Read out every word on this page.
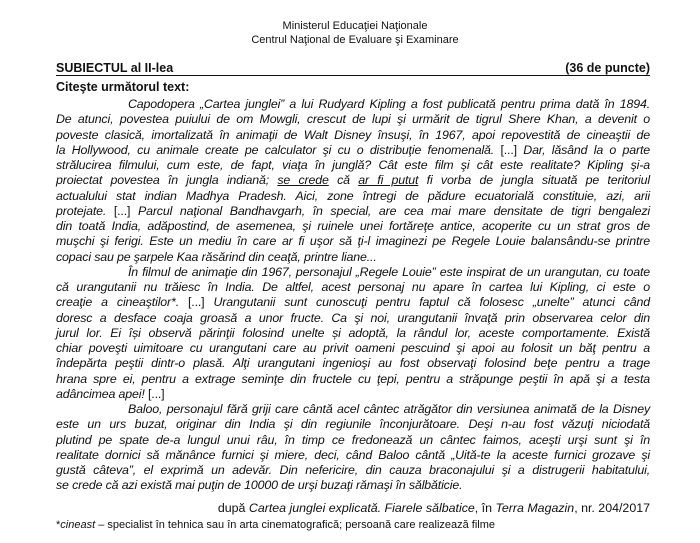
Ministerul Educaţiei Naţionale
Centrul Naţional de Evaluare şi Examinare
SUBIECTUL al II-lea	(36 de puncte)
Citeşte următorul text:
Capodopera „Cartea junglei” a lui Rudyard Kipling a fost publicată pentru prima dată în 1894.
De atunci, povestea puiului de om Mowgli, crescut de lupi şi urmărit de tigrul Shere Khan, a devenit o
poveste clasică, imortalizată în animaţii de Walt Disney însuşi, în 1967, apoi repovestită de cineaştii de
la Hollywood, cu animale create pe calculator şi cu o distribuţie fenomenală. [...] Dar, lăsând la o parte
strălucirea filmului, cum este, de fapt, viaţa în junglă? Cât este film şi cât este realitate? Kipling şi-a
proiectat povestea în jungla indiană; se crede că ar fi putut fi vorba de jungla situată pe teritoriul
actualului stat indian Madhya Pradesh. Aici, zone întregi de pădure ecuatorială constituie, azi, arii
protejate. [...] Parcul naţional Bandhavgarh, în special, are cea mai mare densitate de tigri bengalezi
din toată India, adăpostind, de asemenea, şi ruinele unei fortăreţe antice, acoperite cu un strat gros de
muşchi şi ferigi. Este un mediu în care ar fi uşor să ţi-l imaginezi pe Regele Louie balansându-se printre
copaci sau pe şarpele Kaa răsărind din ceaţă, printre liane...
În filmul de animaţie din 1967, personajul „Regele Louie” este inspirat de un urangutan, cu toate
că urangutanii nu trăiesc în India. De altfel, acest personaj nu apare în cartea lui Kipling, ci este o
creaţie a cineaştilor*. [...] Urangutanii sunt cunoscuţi pentru faptul că folosesc „unelte” atunci când
doresc a desface coaja groasă a unor fructe. Ca şi noi, urangutanii învaţă prin observarea celor din
jurul lor. Ei își observă părinţii folosind unelte și adoptă, la rândul lor, aceste comportamente. Există
chiar poveşti uimitoare cu urangutani care au privit oameni pescuind şi apoi au folosit un băţ pentru a
îndepărta peştii dintr-o plasă. Alţi urangutani ingenioşi au fost observaţi folosind beţe pentru a trage
hrana spre ei, pentru a extrage seminţe din fructele cu ţepi, pentru a străpunge peştii în apă şi a testa
adâncimea apei! [...]
Baloo, personajul fără griji care cântă acel cântec atrăgător din versiunea animată de la Disney
este un urs buzat, originar din India şi din regiunile înconjurătoare. Deşi n-au fost văzuţi niciodată
plutind pe spate de-a lungul unui râu, în timp ce fredonează un cântec faimos, aceşti urşi sunt şi în
realitate dornici să mănânce furnici şi miere, deci, când Baloo cântă „Uită-te la aceste furnici grozave şi
gustă câteva”, el exprimă un adevăr. Din nefericire, din cauza braconajului şi a distrugerii habitatului,
se crede că azi există mai puţin de 10000 de urşi buzaţi rămaşi în sălbăticie.
după Cartea junglei explicată. Fiarele sălbatice, în Terra Magazin, nr. 204/2017
*cineast – specialist în tehnica sau în arta cinematografică; persoană care realizează filme
